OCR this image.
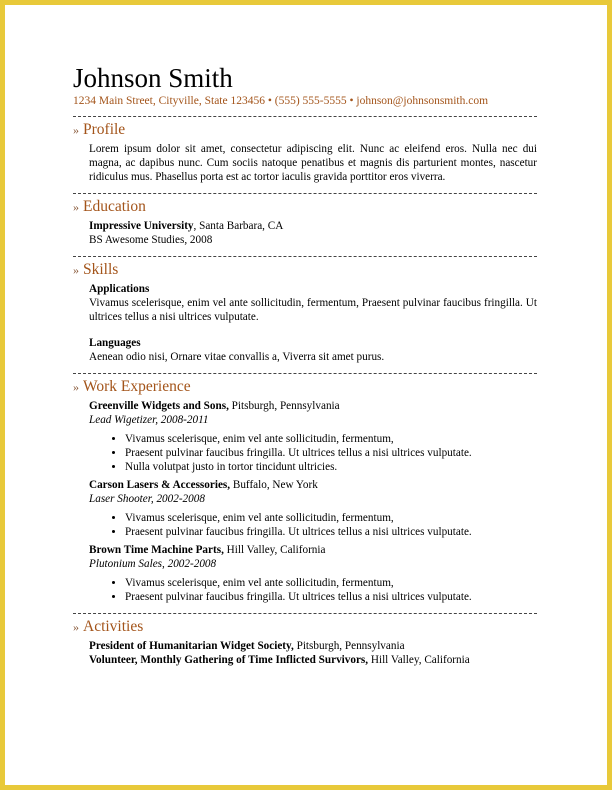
Johnson Smith
1234 Main Street, Cityville, State 123456 • (555) 555-5555 • johnson@johnsonsmith.com
» Profile
Lorem ipsum dolor sit amet, consectetur adipiscing elit. Nunc ac eleifend eros. Nulla nec dui magna, ac dapibus nunc. Cum sociis natoque penatibus et magnis dis parturient montes, nascetur ridiculus mus. Phasellus porta est ac tortor iaculis gravida porttitor eros viverra.
» Education
Impressive University, Santa Barbara, CA
BS Awesome Studies, 2008
» Skills
Applications
Vivamus scelerisque, enim vel ante sollicitudin, fermentum, Praesent pulvinar faucibus fringilla. Ut ultrices tellus a nisi ultrices vulputate.
Languages
Aenean odio nisi, Ornare vitae convallis a, Viverra sit amet purus.
» Work Experience
Greenville Widgets and Sons, Pitsburgh, Pennsylvania
Lead Wigetizer, 2008-2011
• Vivamus scelerisque, enim vel ante sollicitudin, fermentum,
• Praesent pulvinar faucibus fringilla. Ut ultrices tellus a nisi ultrices vulputate.
• Nulla volutpat justo in tortor tincidunt ultricies.
Carson Lasers & Accessories, Buffalo, New York
Laser Shooter, 2002-2008
• Vivamus scelerisque, enim vel ante sollicitudin, fermentum,
• Praesent pulvinar faucibus fringilla. Ut ultrices tellus a nisi ultrices vulputate.
Brown Time Machine Parts, Hill Valley, California
Plutonium Sales, 2002-2008
• Vivamus scelerisque, enim vel ante sollicitudin, fermentum,
• Praesent pulvinar faucibus fringilla. Ut ultrices tellus a nisi ultrices vulputate.
» Activities
President of Humanitarian Widget Society, Pitsburgh, Pennsylvania
Volunteer, Monthly Gathering of Time Inflicted Survivors, Hill Valley, California
